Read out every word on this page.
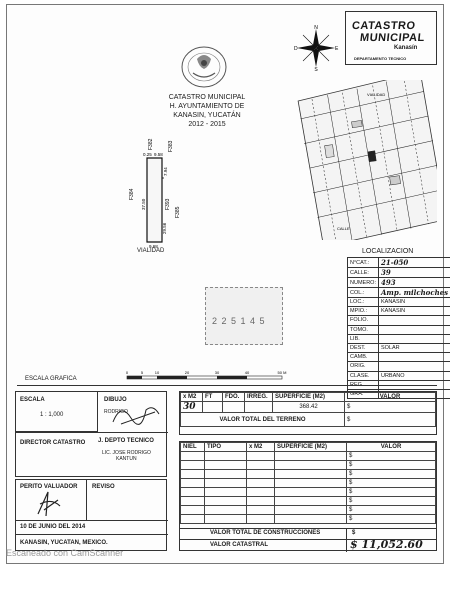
CATASTRO
MUNICIPAL
Kanasín
DEPARTAMENTO TECNICO
N
S
D	E
CATASTRO MUNICIPAL
H. AYUNTAMIENTO DE
KANASIN, YUCATÁN
2012 - 2015
F382	F383
F384
F385
F393
0.25 9.58
37.50
29.56
7.94
9.68
VIALIDAD
VIALIDAD
CALLE
LOCALIZACION
N°CAT.:	21-050
CALLE:	39
NUMERO:	493
COL.:	Amp. milchoches
LOC.:	KANASIN
MPIO.:	KANASIN
FOLIO.	
TOMO.	
LIB.	
DEST.	SOLAR
CAMB.	
ORIG.	
CLASE.	URBANO
REG.	
GRA.	
2 2 5 1 4 5
ESCALA GRAFICA
0	5	10	20	30	40	50 M
ESCALA
1 : 1,000
DIBUJO
RODRIGO
DIRECTOR CATASTRO J. DEPTO TECNICO
LIC. JOSE RODRIGO
KANTUN
PERITO VALUADOR REVISO
10 DE JUNIO DEL 2014
KANASIN, YUCATAN, MEXICO.
x M2	FT	FDO.	IRREG.	SUPERFICIE (M2)	VALOR
30				368.42	$
VALOR TOTAL DEL TERRENO					$
NIEL	TIPO	x M2	SUPERFICIE (M2)	VALOR
				$
				$
				$
				$
				$
				$
				$
				$
VALOR TOTAL DE CONSTRUCCIONES	$
VALOR CATASTRAL	$ 11,052.60
Escaneado con CamScanner
